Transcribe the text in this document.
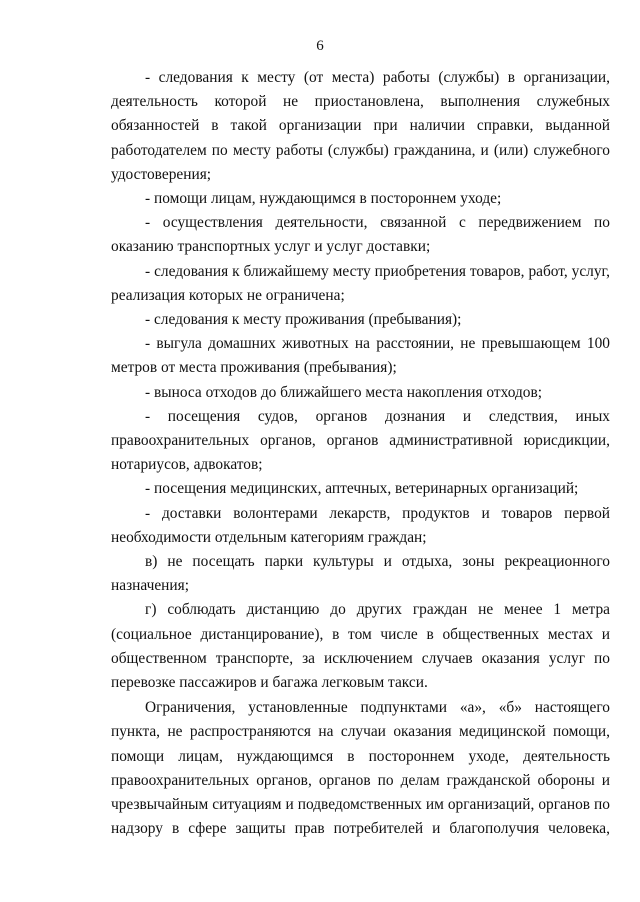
6

- следования к месту (от места) работы (службы) в организации, деятельность которой не приостановлена, выполнения служебных обязанностей в такой организации при наличии справки, выданной работодателем по месту работы (службы) гражданина, и (или) служебного удостоверения;

- помощи лицам, нуждающимся в постороннем уходе;

- осуществления деятельности, связанной с передвижением по оказанию транспортных услуг и услуг доставки;

- следования к ближайшему месту приобретения товаров, работ, услуг, реализация которых не ограничена;

- следования к месту проживания (пребывания);

- выгула домашних животных на расстоянии, не превышающем 100 метров от места проживания (пребывания);

- выноса отходов до ближайшего места накопления отходов;

- посещения судов, органов дознания и следствия, иных правоохранительных органов, органов административной юрисдикции, нотариусов, адвокатов;

- посещения медицинских, аптечных, ветеринарных организаций;

- доставки волонтерами лекарств, продуктов и товаров первой необходимости отдельным категориям граждан;

в) не посещать парки культуры и отдыха, зоны рекреационного назначения;

г) соблюдать дистанцию до других граждан не менее 1 метра (социальное дистанцирование), в том числе в общественных местах и общественном транспорте, за исключением случаев оказания услуг по перевозке пассажиров и багажа легковым такси.

Ограничения, установленные подпунктами «а», «б» настоящего пункта, не распространяются на случаи оказания медицинской помощи, помощи лицам, нуждающимся в постороннем уходе, деятельность правоохранительных органов, органов по делам гражданской обороны и чрезвычайным ситуациям и подведомственных им организаций, органов по надзору в сфере защиты прав потребителей и благополучия человека,
